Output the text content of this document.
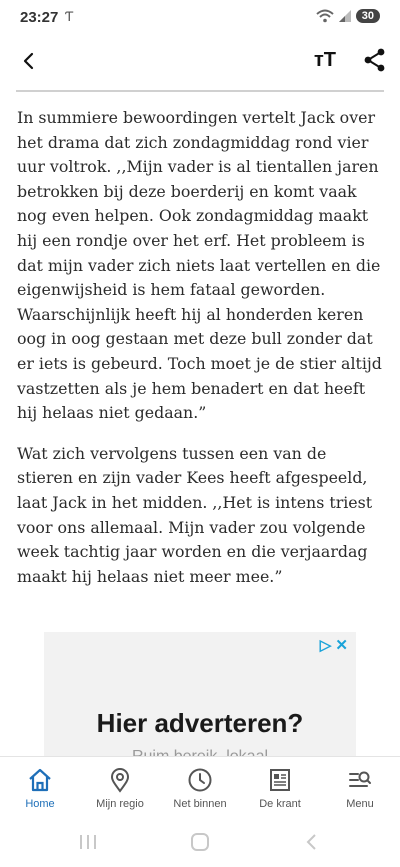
23:27 Ƭ	30
тT

In summiere bewoordingen vertelt Jack over het drama dat zich zondagmiddag rond vier uur voltrok. ,,Mijn vader is al tientallen jaren betrokken bij deze boerderij en komt vaak nog even helpen. Ook zondagmiddag maakt hij een rondje over het erf. Het probleem is dat mijn vader zich niets laat vertellen en die eigenwijsheid is hem fataal geworden. Waarschijnlijk heeft hij al honderden keren oog in oog gestaan met deze bull zonder dat er iets is gebeurd. Toch moet je de stier altijd vastzetten als je hem benadert en dat heeft hij helaas niet gedaan.”

Wat zich vervolgens tussen een van de stieren en zijn vader Kees heeft afgespeeld, laat Jack in het midden. ,,Het is intens triest voor ons allemaal. Mijn vader zou volgende week tachtig jaar worden en die verjaardag maakt hij helaas niet meer mee.”

▷ ✕
Hier adverteren?
Home	Mijn regio	Net binnen	De krant	Menu
